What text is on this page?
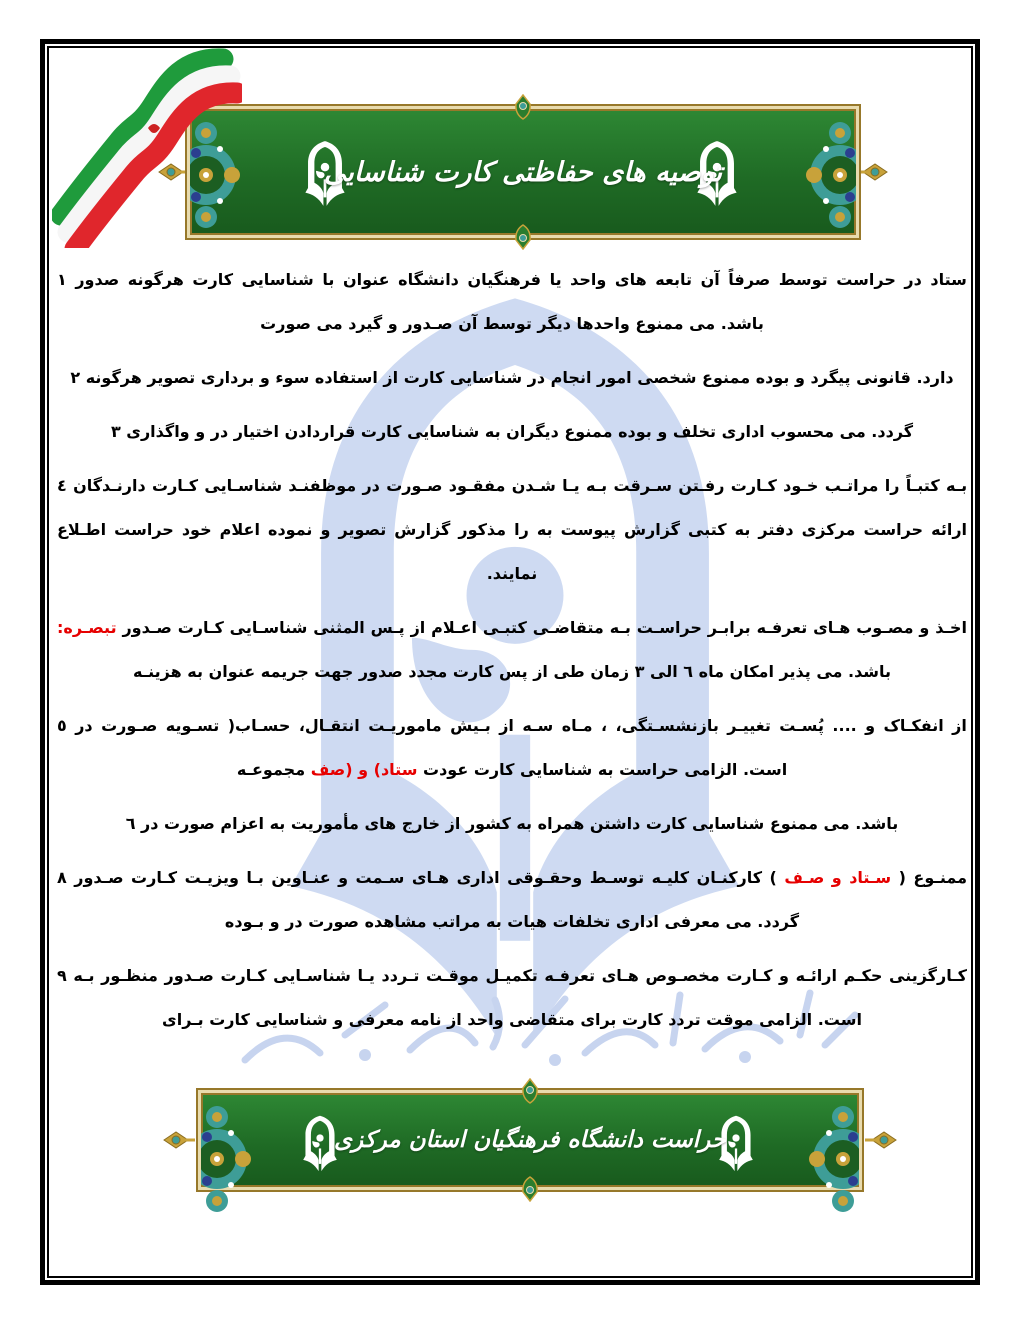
توصیه های حفاظتی کارت شناسایی

١ صدور هرگونه کارت شناسایی با عنوان دانشگاه فرهنگیان یا واحد های تابعه آن صرفاً توسط حراست در ستاد صورت می گیرد و صـدور آن توسط دیگر واحدها ممنوع می باشد.

٢ هرگونه تصویر برداری و سوء استفاده از کارت شناسایی در انجام امور شخصی ممنوع بوده و پیگرد قانونی دارد.

٣ واگذاری و در اختیار قراردادن کارت شناسایی به دیگران ممنوع بوده و تخلف اداری محسوب می گردد.

٤ دارنـدگان کـارت شناسـایی موظفنـد در صـورت مفقـود شـدن یـا بـه سـرقت رفـتن کـارت خـود مراتـب را کتبـاً بـه اطـلاع حراست خود اعلام نموده و تصویر گزارش مذکور را به پیوست گزارش کتبی به دفتر مرکزی حراست ارائه نمایند.

تبصـره: صـدور کـارت شناسـایی المثنی پـس از اعـلام کتبـی متقاضـی بـه حراسـت برابـر تعرفـه هـای مصـوب و اخـذ هزینـه به عنوان جریمه جهت صدور مجدد کارت پس از طی زمان ۳ الی ٦ ماه امکان پذیر می باشد.

٥ در صـورت تسـویه حسـاب( انتقـال، ماموریـت بـیش از سـه مـاه ، بازنشسـتگی، تغییـر پُسـت .... و انفکـاک از مجموعـه (صف و ستاد) عودت کارت شناسایی به حراست الزامی است.

٦ در صورت اعزام به مأموریت های خارج از کشور به همراه داشتن کارت شناسایی ممنوع می باشد.

٨ صـدور کـارت ویزیـت بـا عنـاوین و سـمت هـای اداری وحقـوقی توسـط کلیـه کارکنـان ( صـف و سـتاد ) ممنـوع بـوده و در صورت مشاهده مراتب به هیات تخلفات اداری معرفی می گردد.

٩ بـه منظـور صـدور کـارت شناسـایی یـا تـردد موقـت تکمیـل تعرفـه هـای مخصـوص کـارت و ارائـه حکـم کـارگزینی بـرای کارت شناسایی و معرفی نامه از واحد متقاضی برای کارت تردد موقت الزامی است.

حراست دانشگاه فرهنگیان استان مرکزی
